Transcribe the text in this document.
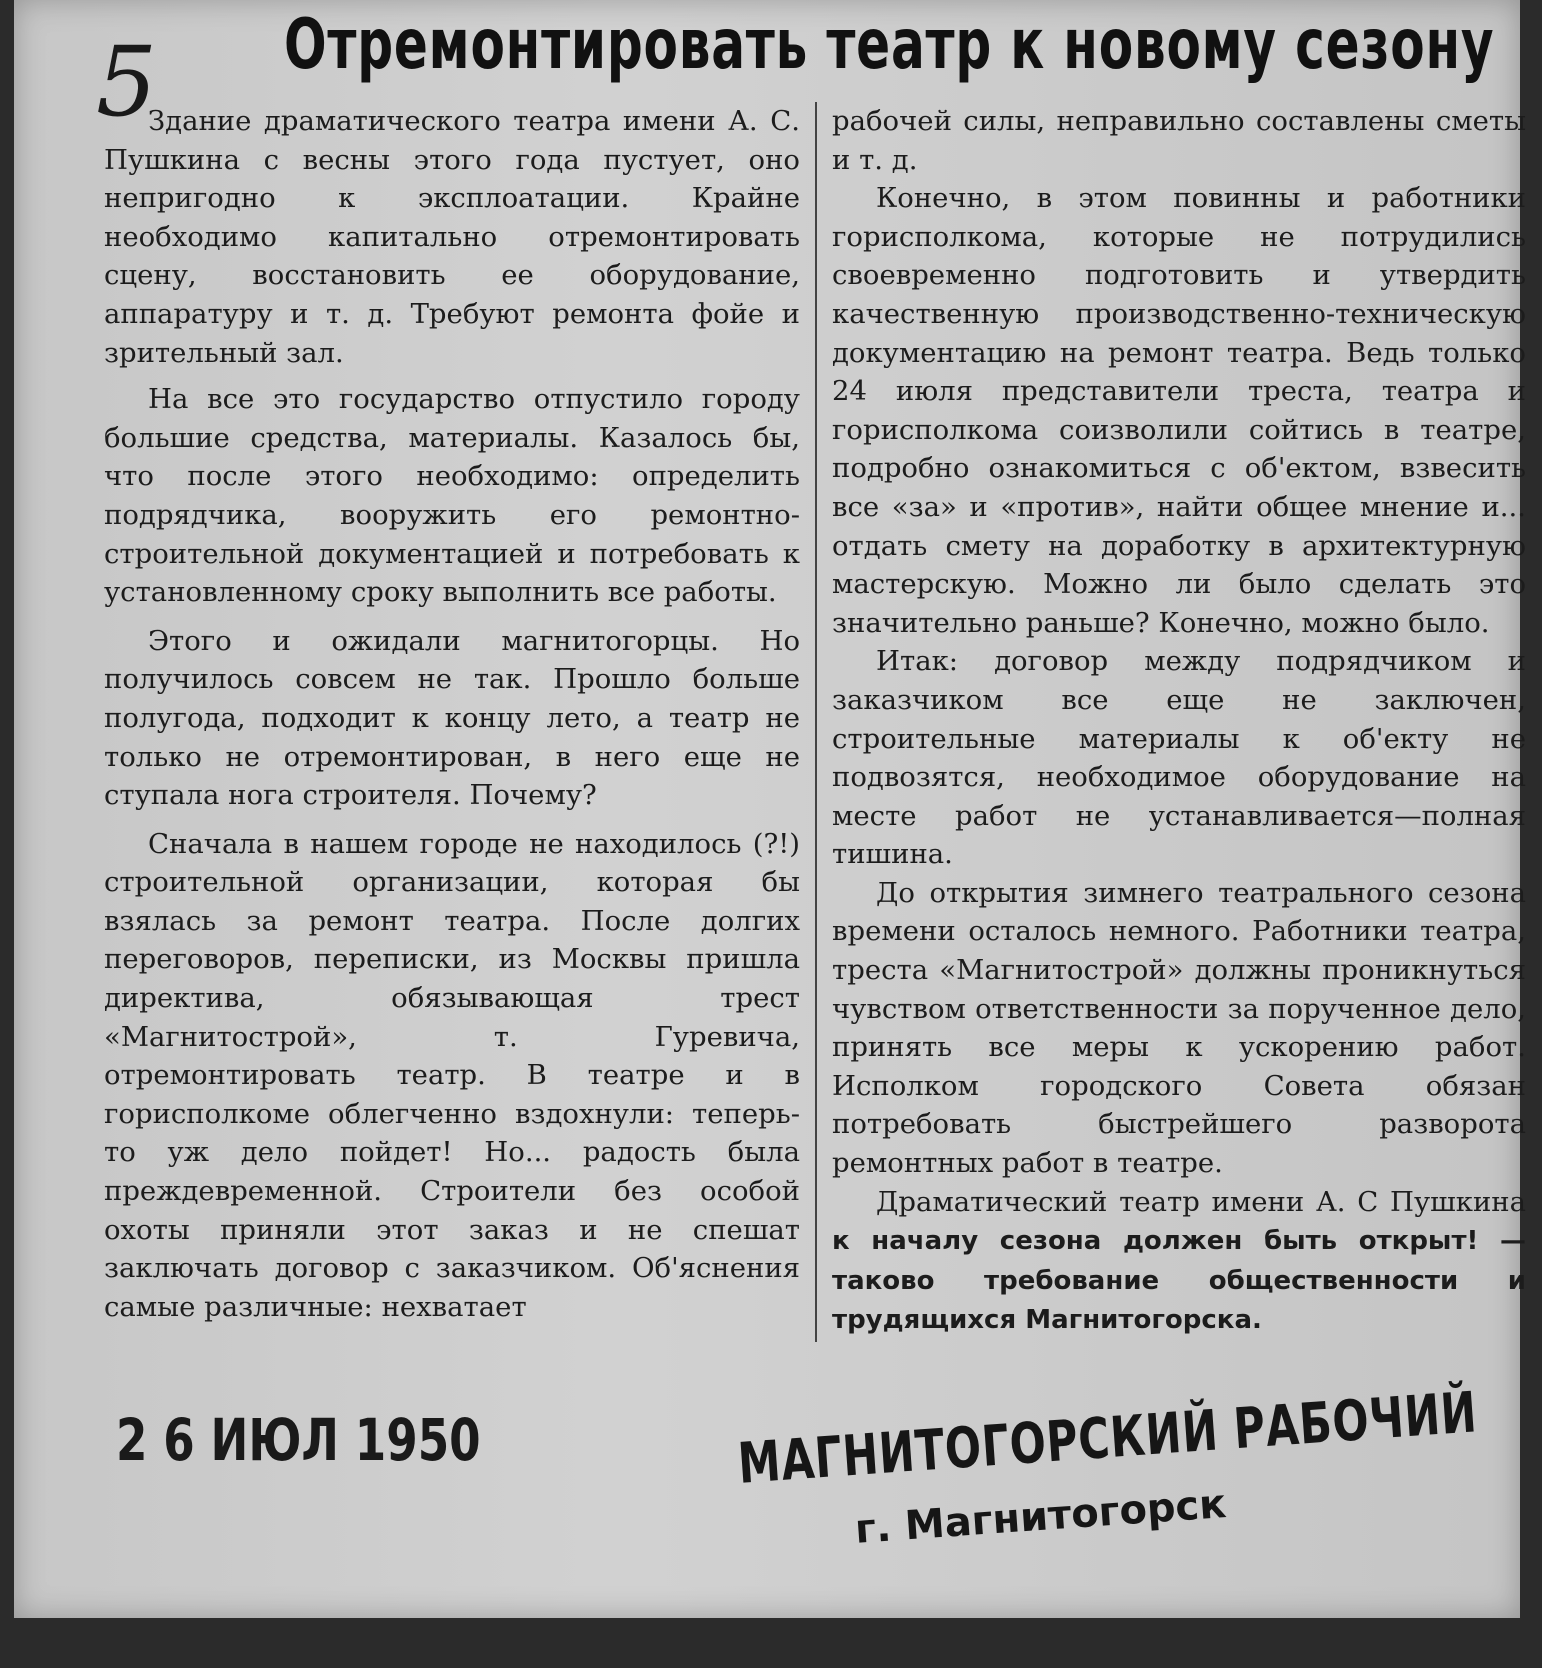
5 Отремонтировать театр к новому сезону

Здание драматического театра имени А. С. Пушкина с весны этого года пустует, оно непригодно к эксплоатации. Крайне необходимо капитально отремонтировать сцену, восстановить ее оборудование, аппаратуру и т. д. Требуют ремонта фойе и зрительный зал.

На все это государство отпустило городу большие средства, материалы. Казалось бы, что после этого необходимо: определить подрядчика, вооружить его ремонтно-строительной документацией и потребовать к установленному сроку выполнить все работы.

Этого и ожидали магнитогорцы. Но получилось совсем не так. Прошло больше полугода, подходит к концу лето, а театр не только не отремонтирован, в него еще не ступала нога строителя. Почему?

Сначала в нашем городе не находилось (?!) строительной организации, которая бы взялась за ремонт театра. После долгих переговоров, переписки, из Москвы пришла директива, обязывающая трест «Магнитострой», т. Гуревича, отремонтировать театр. В театре и в горисполкоме облегченно вздохнули: теперь-то уж дело пойдет! Но... радость была преждевременной. Строители без особой охоты приняли этот заказ и не спешат заключать договор с заказчиком. Об'яснения самые различные: нехватает

рабочей силы, неправильно составлены сметы и т. д.

Конечно, в этом повинны и работники горисполкома, которые не потрудились своевременно подготовить и утвердить качественную производственно-техническую документацию на ремонт театра. Ведь только 24 июля представители треста, театра и горисполкома соизволили сойтись в театре, подробно ознакомиться с об'ектом, взвесить все «за» и «против», найти общее мнение и... отдать смету на доработку в архитектурную мастерскую. Можно ли было сделать это значительно раньше? Конечно, можно было.

Итак: договор между подрядчиком и заказчиком все еще не заключен, строительные материалы к об'екту не подвозятся, необходимое оборудование на месте работ не устанавливается—полная тишина.

До открытия зимнего театрального сезона времени осталось немного. Работники театра, треста «Магнитострой» должны проникнуться чувством ответственности за порученное дело, принять все меры к ускорению работ. Исполком городского Совета обязан потребовать быстрейшего разворота ремонтных работ в театре.

Драматический театр имени А. С Пушкина к началу сезона должен быть открыт! — таково требование общественности и трудящихся Магнитогорска.

2 6 ИЮЛ 1950	МАГНИТОГОРСКИЙ РАБОЧИЙ
г. Магнитогорск
